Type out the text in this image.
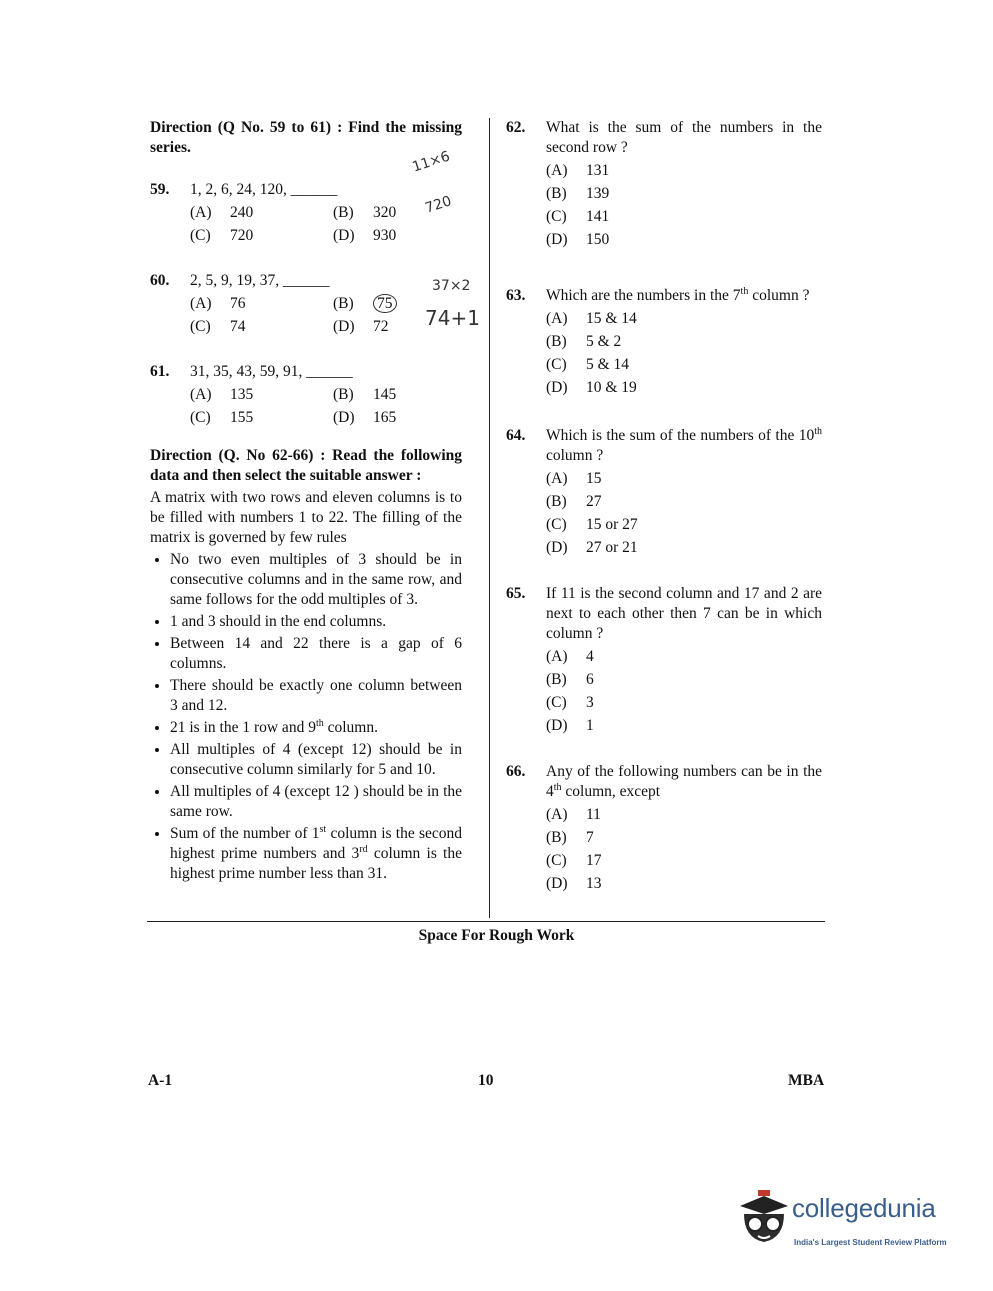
Direction (Q No. 59 to 61) : Find the missing series.
59.	1, 2, 6, 24, 120, ______
(A) 240	(B) 320
(C) 720	(D) 930
60.	2, 5, 9, 19, 37, ______
(A) 76	(B) 75
(C) 74	(D) 72
61.	31, 35, 43, 59, 91, ______
(A) 135	(B) 145
(C) 155	(D) 165
Direction (Q. No 62-66) : Read the following data and then select the suitable answer :
A matrix with two rows and eleven columns is to be filled with numbers 1 to 22. The filling of the matrix is governed by few rules
• No two even multiples of 3 should be in consecutive columns and in the same row, and same follows for the odd multiples of 3.
• 1 and 3 should in the end columns.
• Between 14 and 22 there is a gap of 6 columns.
• There should be exactly one column between 3 and 12.
• 21 is in the 1 row and 9th column.
• All multiples of 4 (except 12) should be in consecutive column similarly for 5 and 10.
• All multiples of 4 (except 12 ) should be in the same row.
• Sum of the number of 1st column is the second highest prime numbers and 3rd column is the highest prime number less than 31.
11×6
720
37×2
74+1
62.	What is the sum of the numbers in the second row ?
(A) 131
(B) 139
(C) 141
(D) 150
63.	Which are the numbers in the 7th column ?
(A) 15 & 14
(B) 5 & 2
(C) 5 & 14
(D) 10 & 19
64.	Which is the sum of the numbers of the 10th column ?
(A) 15
(B) 27
(C) 15 or 27
(D) 27 or 21
65.	If 11 is the second column and 17 and 2 are next to each other then 7 can be in which column ?
(A) 4
(B) 6
(C) 3
(D) 1
66.	Any of the following numbers can be in the 4th column, except
(A) 11
(B) 7
(C) 17
(D) 13
Space For Rough Work
A-1	10	MBA
collegedunia
India's Largest Student Review Platform
